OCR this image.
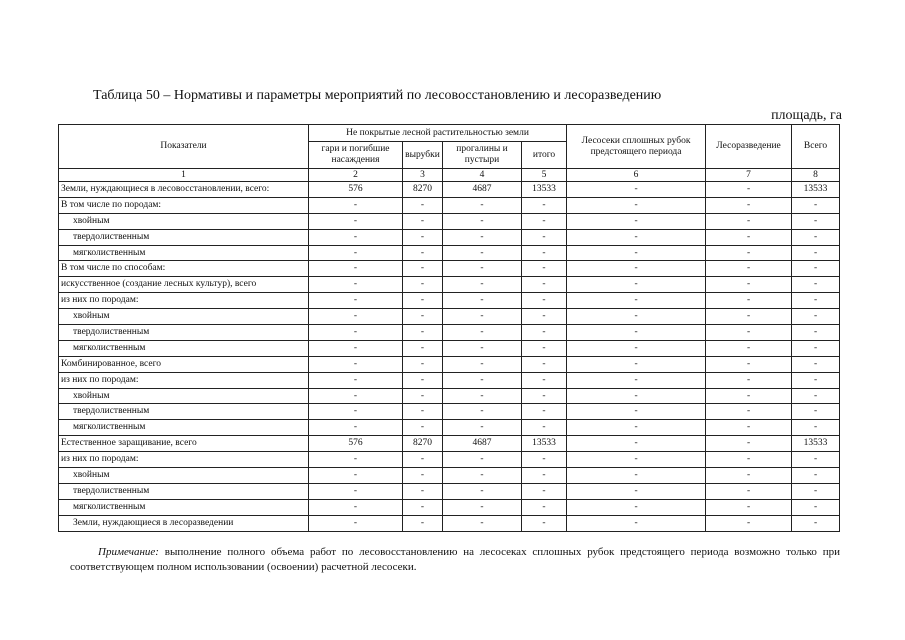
Таблица 50 – Нормативы и параметры мероприятий по лесовосстановлению и лесоразведению
площадь, га
Показатели	Не покрытые лесной растительностью земли				Лесосеки сплошных рубок предстоящего периода	Лесоразведение	Всего
	гари и погибшие насаждения	вырубки	прогалины и пустыри	итого			
1	2	3	4	5	6	7	8
Земли, нуждающиеся в лесовосстановлении, всего:	576	8270	4687	13533	-	-	13533
В том числе по породам:	-	-	-	-	-	-	-
хвойным	-	-	-	-	-	-	-
твердолиственным	-	-	-	-	-	-	-
мягколиственным	-	-	-	-	-	-	-
В том числе по способам:	-	-	-	-	-	-	-
искусственное (создание лесных культур), всего	-	-	-	-	-	-	-
из них по породам:	-	-	-	-	-	-	-
хвойным	-	-	-	-	-	-	-
твердолиственным	-	-	-	-	-	-	-
мягколиственным	-	-	-	-	-	-	-
Комбинированное, всего	-	-	-	-	-	-	-
из них по породам:	-	-	-	-	-	-	-
хвойным	-	-	-	-	-	-	-
твердолиственным	-	-	-	-	-	-	-
мягколиственным	-	-	-	-	-	-	-
Естественное заращивание, всего	576	8270	4687	13533	-	-	13533
из них по породам:	-	-	-	-	-	-	-
хвойным	-	-	-	-	-	-	-
твердолиственным	-	-	-	-	-	-	-
мягколиственным	-	-	-	-	-	-	-
Земли, нуждающиеся в лесоразведении	-	-	-	-	-	-	-
Примечание: выполнение полного объема работ по лесовосстановлению на лесосеках сплошных рубок предстоящего периода возможно только при соответствующем полном использовании (освоении) расчетной лесосеки.
